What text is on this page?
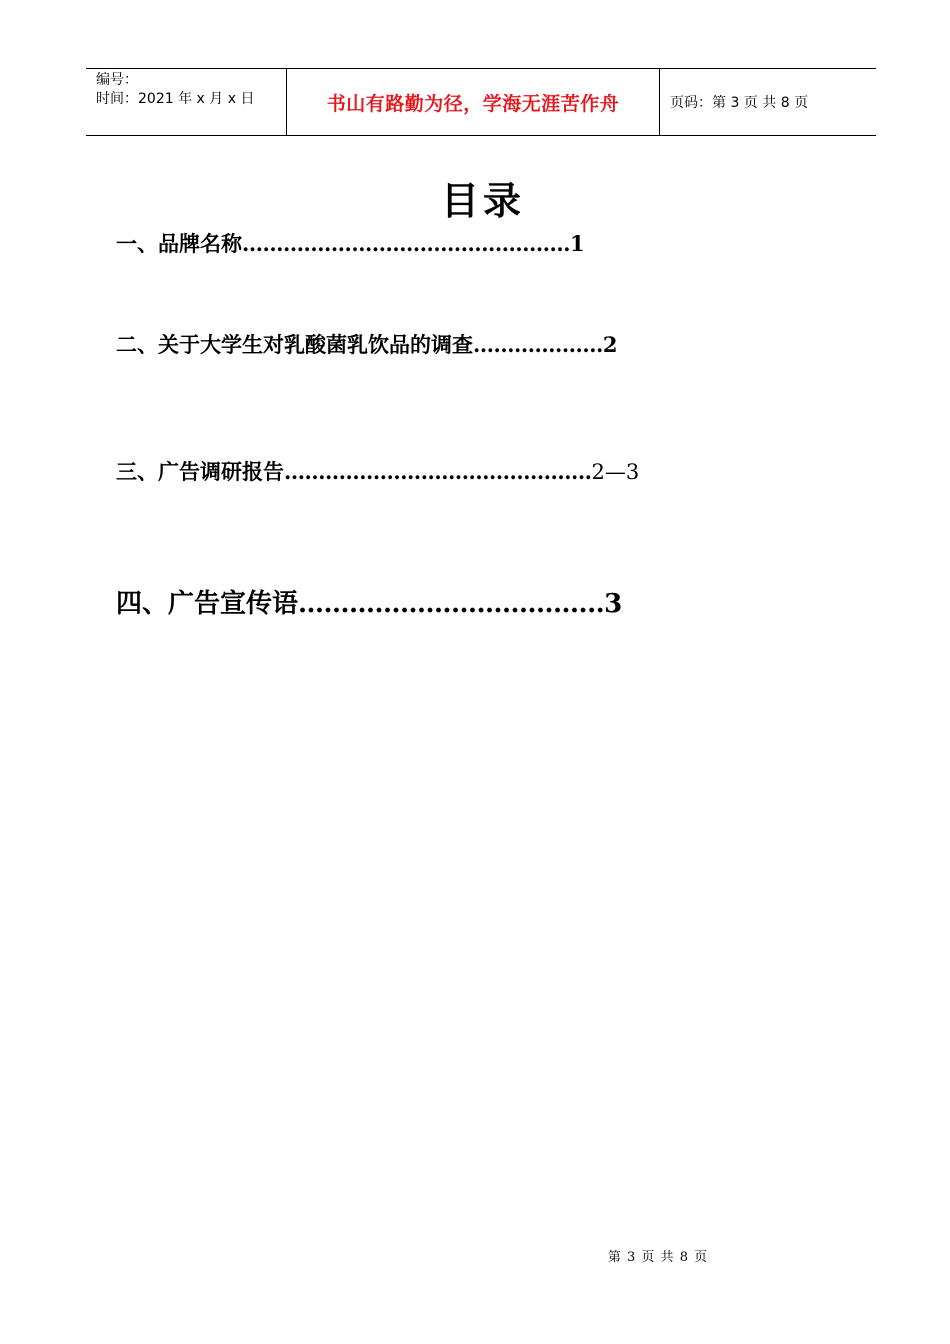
编号：
时间：2021 年 x 月 x 日	书山有路勤为径，学海无涯苦作舟	页码：第 3 页 共 8 页
目录
一、品牌名称…………………………………………1
二、关于大学生对乳酸菌乳饮品的调查……………….2
三、广告调研报告………………………………………2—3
四、广告宣传语……………………………...3
第 3 页 共 8 页
